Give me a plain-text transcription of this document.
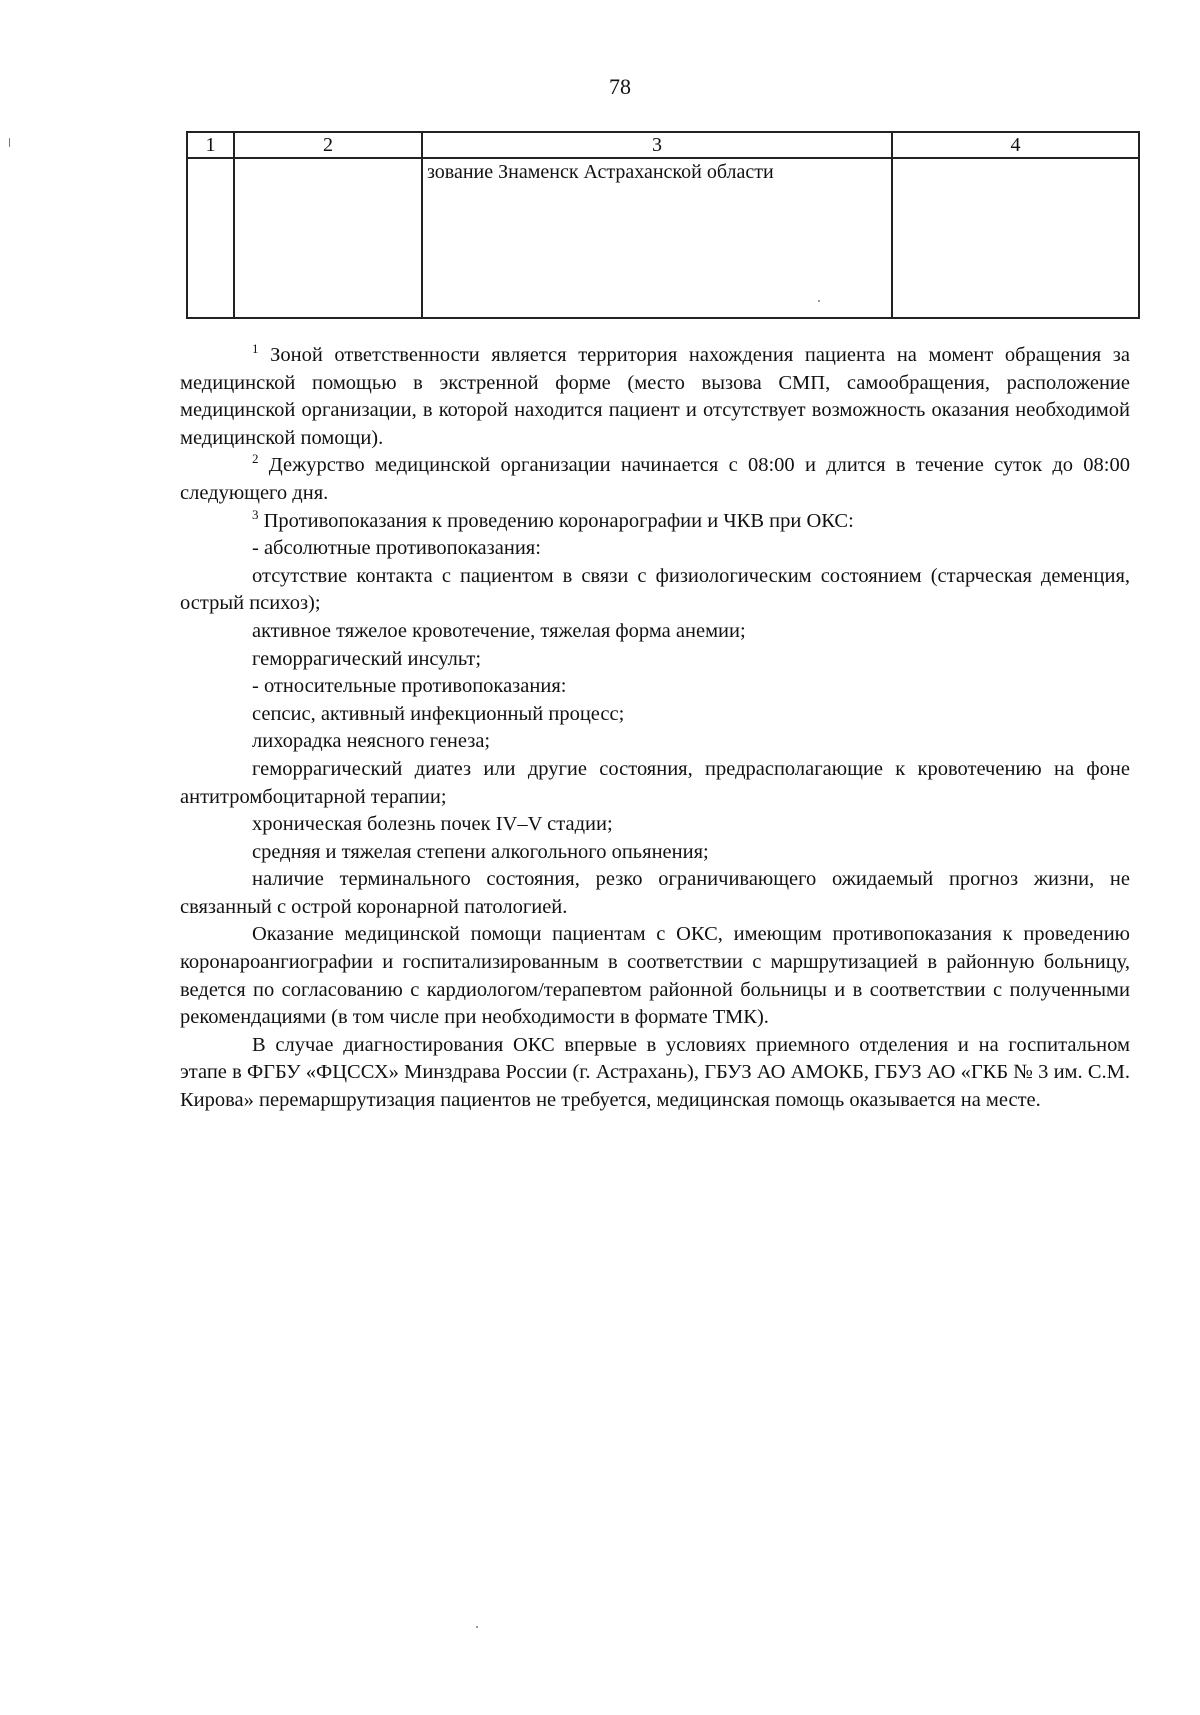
78
1	2	3	4
		зование Знаменск Астраханской области	

$^1$ Зоной ответственности является территория нахождения пациента на момент обращения за медицинской помощью в экстренной форме (место вызова СМП, самообращения, расположение медицинской организации, в которой находится пациент и отсутствует возможность оказания необходимой медицинской помощи).

$^2$ Дежурство медицинской организации начинается с 08:00 и длится в течение суток до 08:00 следующего дня.

$^3$ Противопоказания к проведению коронарографии и ЧКВ при ОКС:

- абсолютные противопоказания:

отсутствие контакта с пациентом в связи с физиологическим состоянием (старческая деменция, острый психоз);

активное тяжелое кровотечение, тяжелая форма анемии;

геморрагический инсульт;

- относительные противопоказания:

сепсис, активный инфекционный процесс;

лихорадка неясного генеза;

геморрагический диатез или другие состояния, предрасполагающие к кровотечению на фоне антитромбоцитарной терапии;

хроническая болезнь почек IV–V стадии;

средняя и тяжелая степени алкогольного опьянения;

наличие терминального состояния, резко ограничивающего ожидаемый прогноз жизни, не связанный с острой коронарной патологией.

Оказание медицинской помощи пациентам с ОКС, имеющим противопоказания к проведению коронароангиографии и госпитализированным в соответствии с маршрутизацией в районную больницу, ведется по согласованию с кардиологом/терапевтом районной больницы и в соответствии с полученными рекомендациями (в том числе при необходимости в формате ТМК).

В случае диагностирования ОКС впервые в условиях приемного отделения и на госпитальном этапе в ФГБУ «ФЦССХ» Минздрава России (г. Астрахань), ГБУЗ АО АМОКБ, ГБУЗ АО «ГКБ № 3 им. С.М. Кирова» перемаршрутизация пациентов не требуется, медицинская помощь оказывается на месте.
